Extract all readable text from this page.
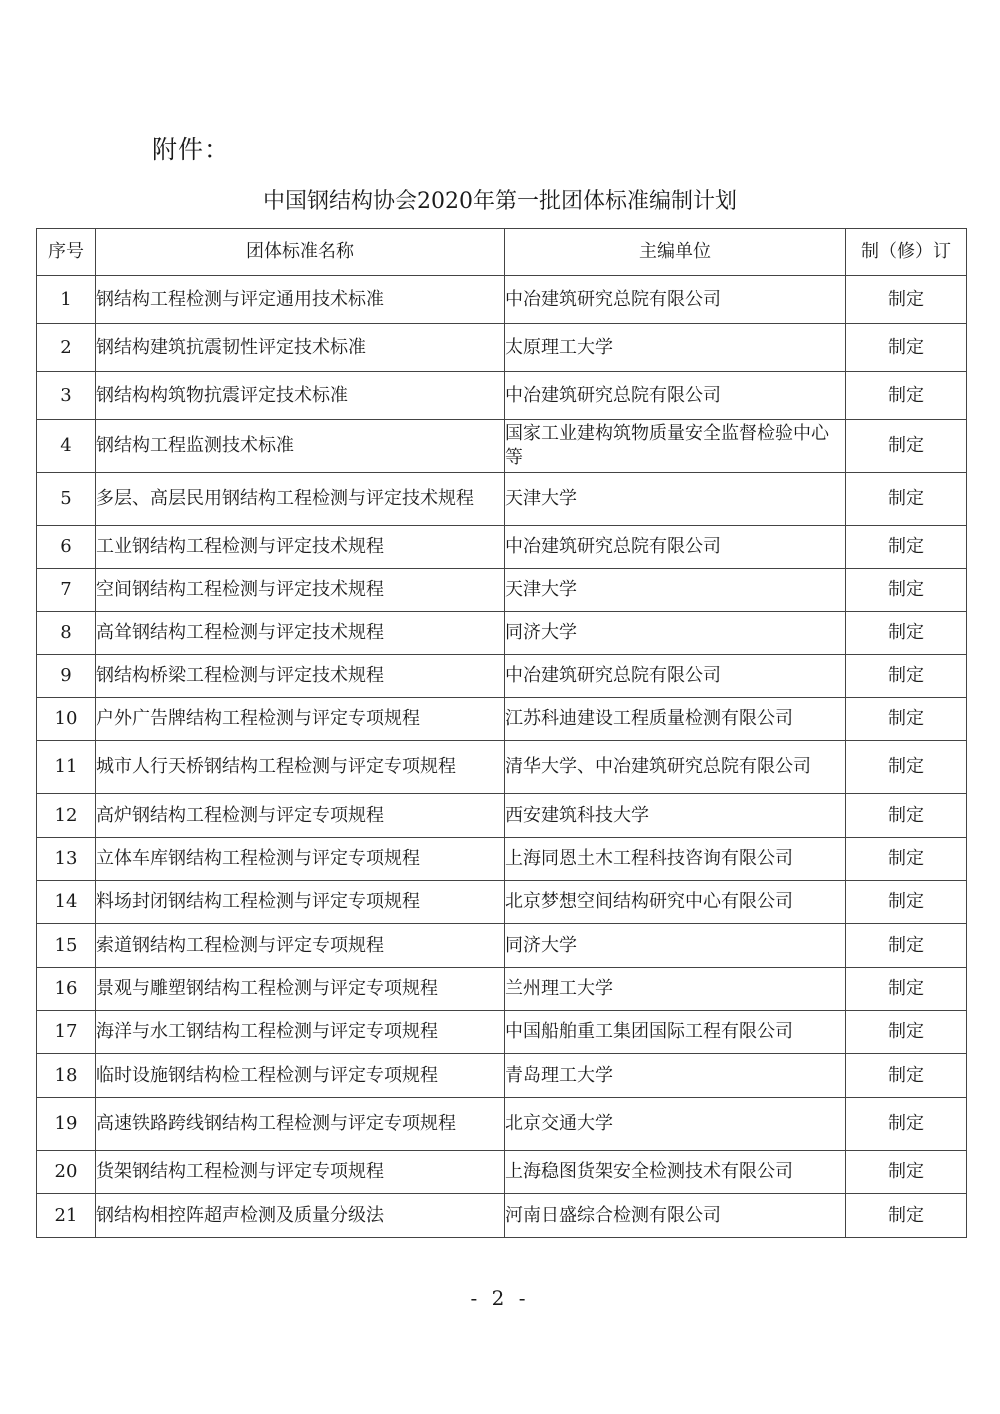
附件：
中国钢结构协会2020年第一批团体标准编制计划
序号	团体标准名称	主编单位	制（修）订
1	钢结构工程检测与评定通用技术标准	中冶建筑研究总院有限公司	制定
2	钢结构建筑抗震韧性评定技术标准	太原理工大学	制定
3	钢结构构筑物抗震评定技术标准	中冶建筑研究总院有限公司	制定
4	钢结构工程监测技术标准	国家工业建构筑物质量安全监督检验中心等	制定
5	多层、高层民用钢结构工程检测与评定技术规程	天津大学	制定
6	工业钢结构工程检测与评定技术规程	中冶建筑研究总院有限公司	制定
7	空间钢结构工程检测与评定技术规程	天津大学	制定
8	高耸钢结构工程检测与评定技术规程	同济大学	制定
9	钢结构桥梁工程检测与评定技术规程	中冶建筑研究总院有限公司	制定
10	户外广告牌结构工程检测与评定专项规程	江苏科迪建设工程质量检测有限公司	制定
11	城市人行天桥钢结构工程检测与评定专项规程	清华大学、中冶建筑研究总院有限公司	制定
12	高炉钢结构工程检测与评定专项规程	西安建筑科技大学	制定
13	立体车库钢结构工程检测与评定专项规程	上海同恩土木工程科技咨询有限公司	制定
14	料场封闭钢结构工程检测与评定专项规程	北京梦想空间结构研究中心有限公司	制定
15	索道钢结构工程检测与评定专项规程	同济大学	制定
16	景观与雕塑钢结构工程检测与评定专项规程	兰州理工大学	制定
17	海洋与水工钢结构工程检测与评定专项规程	中国船舶重工集团国际工程有限公司	制定
18	临时设施钢结构检工程检测与评定专项规程	青岛理工大学	制定
19	高速铁路跨线钢结构工程检测与评定专项规程	北京交通大学	制定
20	货架钢结构工程检测与评定专项规程	上海稳图货架安全检测技术有限公司	制定
21	钢结构相控阵超声检测及质量分级法	河南日盛综合检测有限公司	制定
- 2 -
